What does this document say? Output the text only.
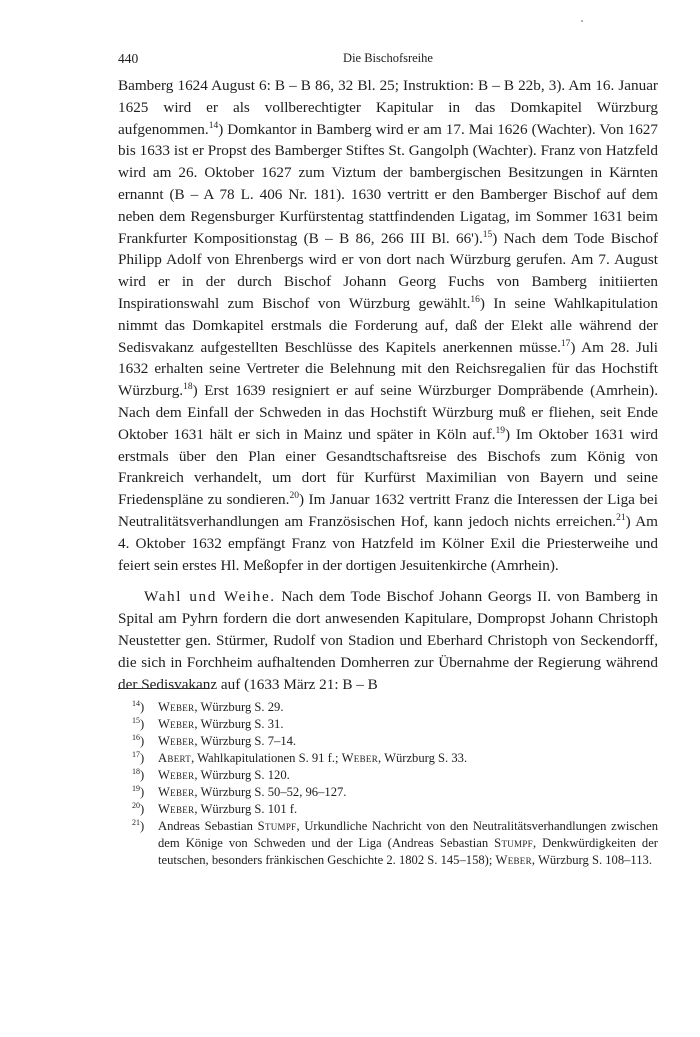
440	Die Bischofsreihe

Bamberg 1624 August 6: B – B 86, 32 Bl. 25; Instruktion: B – B 22b, 3). Am 16. Januar 1625 wird er als vollberechtigter Kapitular in das Domkapitel Würzburg aufgenommen.$^{14}$) Domkantor in Bamberg wird er am 17. Mai 1626 (Wachter). Von 1627 bis 1633 ist er Propst des Bamberger Stiftes St. Gangolph (Wachter). Franz von Hatzfeld wird am 26. Oktober 1627 zum Viztum der bambergischen Besitzungen in Kärnten ernannt (B – A 78 L. 406 Nr. 181). 1630 vertritt er den Bamberger Bischof auf dem neben dem Regensburger Kurfürstentag stattfindenden Ligatag, im Sommer 1631 beim Frankfurter Kompositionstag (B – B 86, 266 III Bl. 66').$^{15}$) Nach dem Tode Bischof Philipp Adolf von Ehrenbergs wird er von dort nach Würzburg gerufen. Am 7. August wird er in der durch Bischof Johann Georg Fuchs von Bamberg initiierten Inspirationswahl zum Bischof von Würzburg gewählt.$^{16}$) In seine Wahlkapitulation nimmt das Domkapitel erstmals die Forderung auf, daß der Elekt alle während der Sedisvakanz aufgestellten Beschlüsse des Kapitels anerkennen müsse.$^{17}$) Am 28. Juli 1632 erhalten seine Vertreter die Belehnung mit den Reichsregalien für das Hochstift Würzburg.$^{18}$) Erst 1639 resigniert er auf seine Würzburger Dompräbende (Amrhein). Nach dem Einfall der Schweden in das Hochstift Würzburg muß er fliehen, seit Ende Oktober 1631 hält er sich in Mainz und später in Köln auf.$^{19}$) Im Oktober 1631 wird erstmals über den Plan einer Gesandtschaftsreise des Bischofs zum König von Frankreich verhandelt, um dort für Kurfürst Maximilian von Bayern und seine Friedenspläne zu sondieren.$^{20}$) Im Januar 1632 vertritt Franz die Interessen der Liga bei Neutralitätsverhandlungen am Französischen Hof, kann jedoch nichts erreichen.$^{21}$) Am 4. Oktober 1632 empfängt Franz von Hatzfeld im Kölner Exil die Priesterweihe und feiert sein erstes Hl. Meßopfer in der dortigen Jesuitenkirche (Amrhein).

Wahl und Weihe. Nach dem Tode Bischof Johann Georgs II. von Bamberg in Spital am Pyhrn fordern die dort anwesenden Kapitulare, Dompropst Johann Christoph Neustetter gen. Stürmer, Rudolf von Stadion und Eberhard Christoph von Seckendorff, die sich in Forchheim aufhaltenden Domherren zur Übernahme der Regierung während der Sedisvakanz auf (1633 März 21: B – B

$^{14}$) Weber, Würzburg S. 29.
$^{15}$) Weber, Würzburg S. 31.
$^{16}$) Weber, Würzburg S. 7–14.
$^{17}$) Abert, Wahlkapitulationen S. 91 f.; Weber, Würzburg S. 33.
$^{18}$) Weber, Würzburg S. 120.
$^{19}$) Weber, Würzburg S. 50–52, 96–127.
$^{20}$) Weber, Würzburg S. 101 f.
$^{21}$) Andreas Sebastian Stumpf, Urkundliche Nachricht von den Neutralitätsverhandlungen zwischen dem Könige von Schweden und der Liga (Andreas Sebastian Stumpf, Denkwürdigkeiten der teutschen, besonders fränkischen Geschichte 2. 1802 S. 145–158); Weber, Würzburg S. 108–113.
